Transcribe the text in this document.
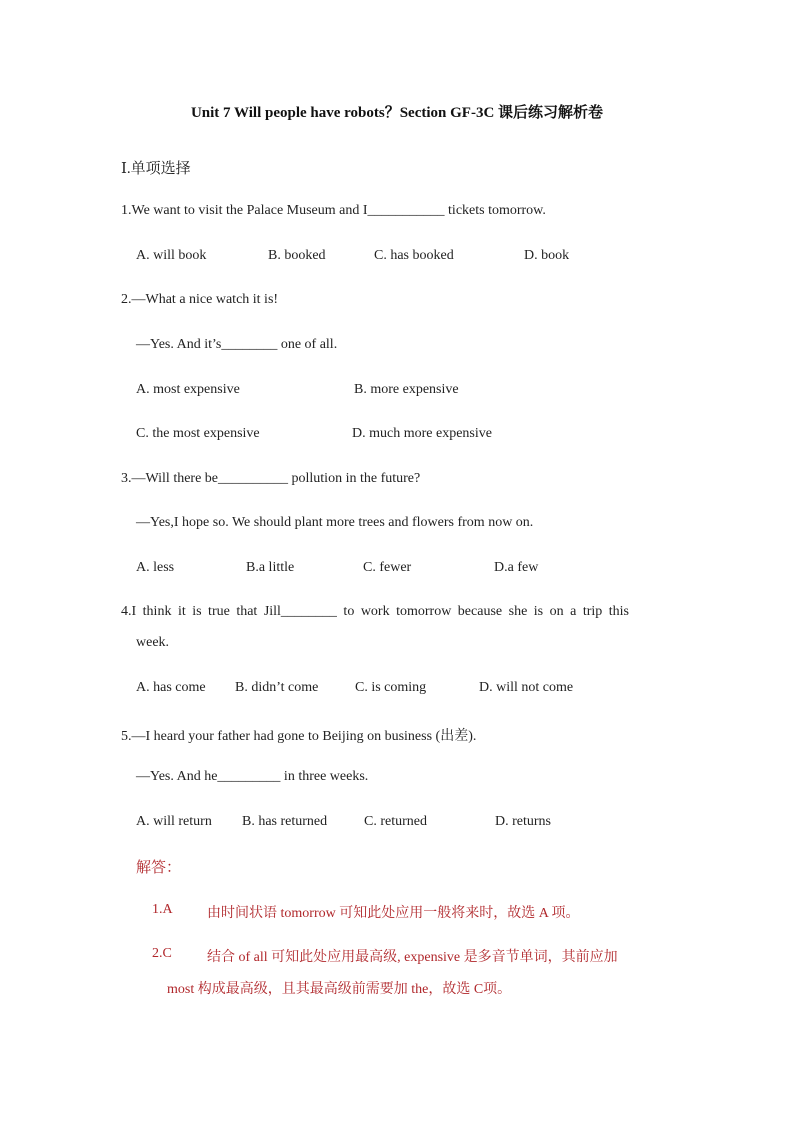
Unit 7 Will people have robots？Section GF-3C 课后练习解析卷
Ⅰ.单项选择
1.We want to visit the Palace Museum and I___________ tickets tomorrow.
A. will book	B. booked	C. has booked	D. book
2.—What a nice watch it is!
—Yes. And it’s________ one of all.
A. most expensive	B. more expensive
C. the most expensive	D. much more expensive
3.—Will there be__________ pollution in the future?
—Yes,I hope so. We should plant more trees and flowers from now on.
A. less	B.a little	C. fewer	D.a few
4.I think it is true that Jill________ to work tomorrow because she is on a trip this
week.
A. has come B. didn’t come	C. is coming	D. will not come
5.—I heard your father had gone to Beijing on business (出差).
—Yes. And he_________ in three weeks.
A. will return B. has returned	C. returned	D. returns
解答：
1.A 由时间状语 tomorrow 可知此处应用一般将来时，故选 A 项。
2.C	结合 of all 可知此处应用最高级, expensive 是多音节单词，其前应加
most 构成最高级，且其最高级前需要加 the，故选 C项。
